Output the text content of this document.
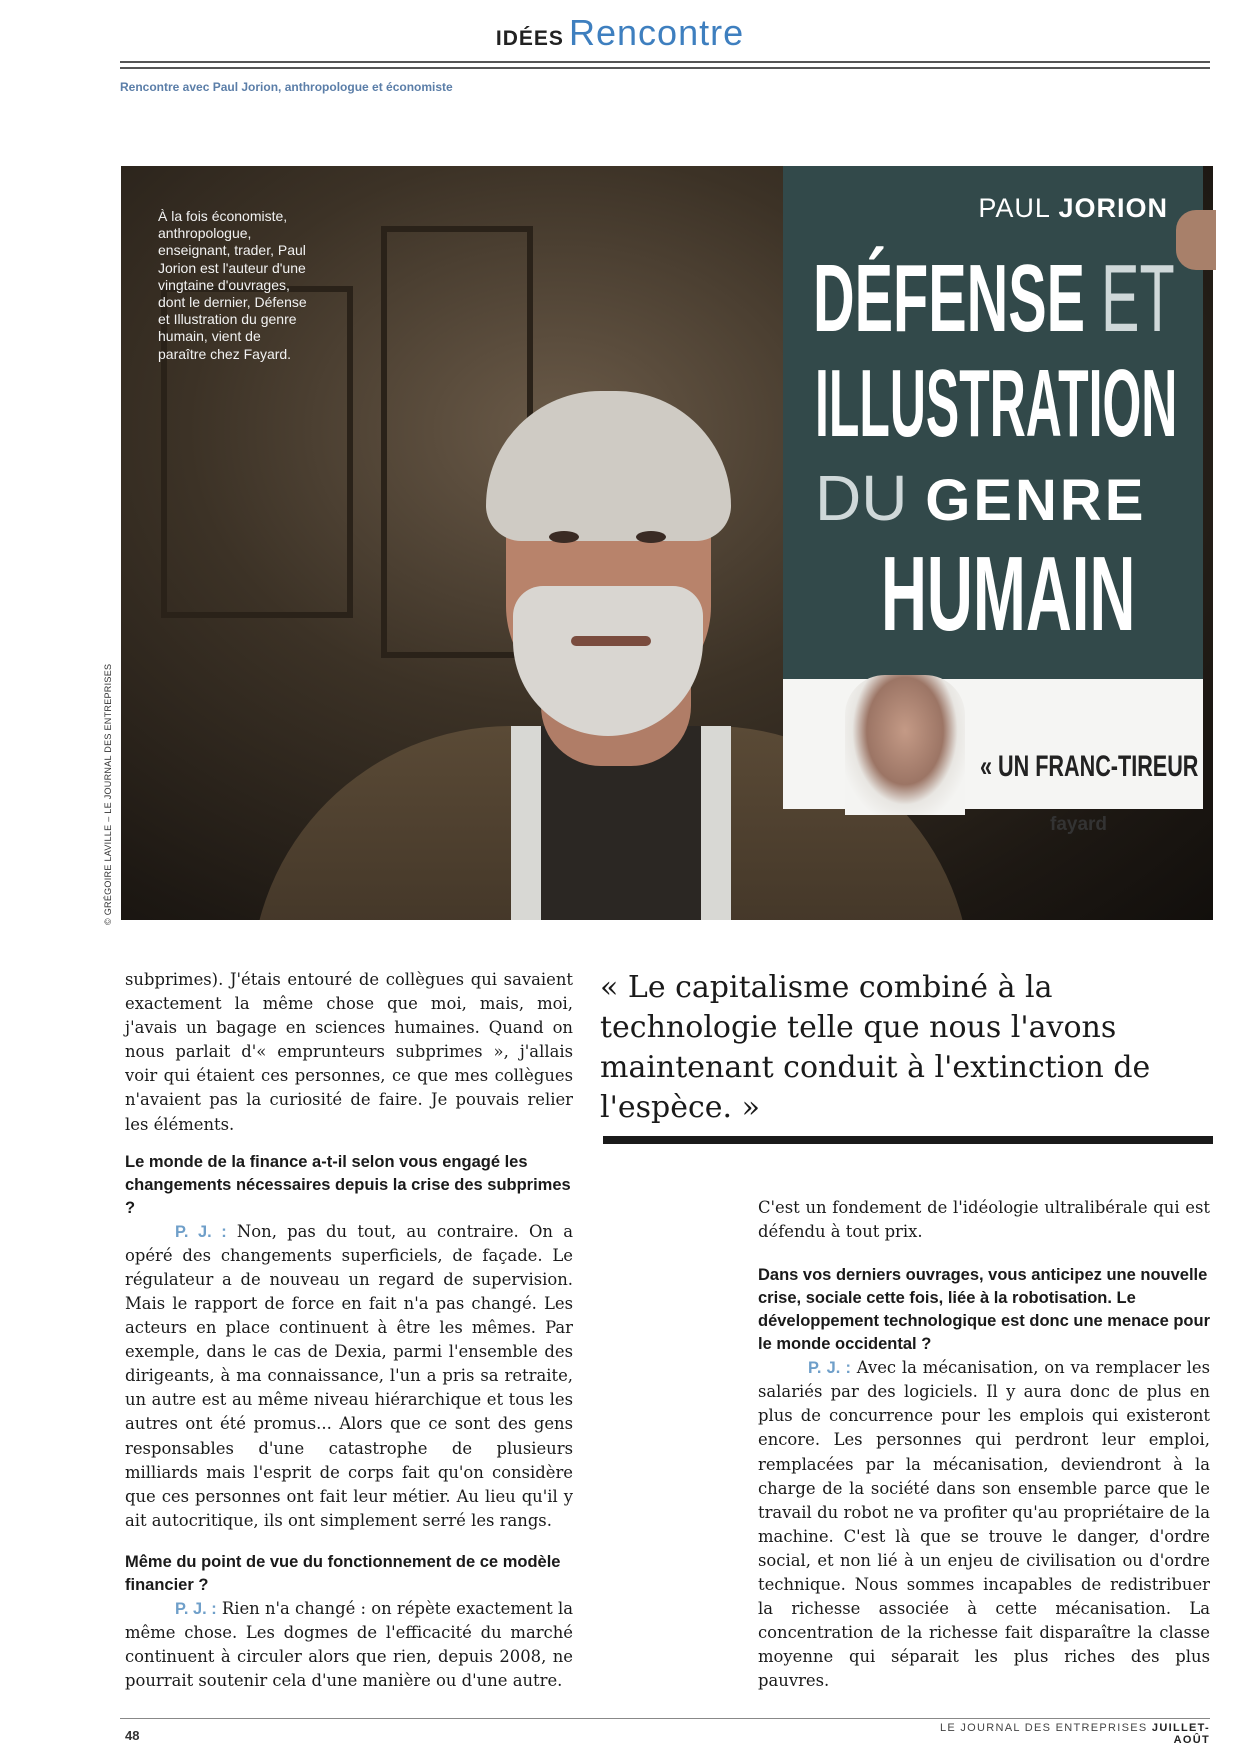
IDÉES Rencontre
Rencontre avec Paul Jorion, anthropologue et économiste
À la fois économiste, anthropologue, enseignant, trader, Paul Jorion est l'auteur d'une vingtaine d'ouvrages, dont le dernier, Défense et Illustration du genre humain, vient de paraître chez Fayard.
PAUL JORION
DÉFENSE ET
ILLUSTRATION
DU GENRE
HUMAIN
« UN FRANC-TIREUR
fayard
© GRÉGOIRE LAVILLE – LE JOURNAL DES ENTREPRISES

subprimes). J'étais entouré de collègues qui savaient exactement la même chose que moi, mais, moi, j'avais un bagage en sciences humaines. Quand on nous parlait d'« emprunteurs subprimes », j'allais voir qui étaient ces personnes, ce que mes collègues n'avaient pas la curiosité de faire. Je pouvais relier les éléments.

Le monde de la finance a-t-il selon vous engagé les changements nécessaires depuis la crise des subprimes ?

P. J. : Non, pas du tout, au contraire. On a opéré des changements superficiels, de façade. Le régulateur a de nouveau un regard de supervision. Mais le rapport de force en fait n'a pas changé. Les acteurs en place continuent à être les mêmes. Par exemple, dans le cas de Dexia, parmi l'ensemble des dirigeants, à ma connaissance, l'un a pris sa retraite, un autre est au même niveau hiérarchique et tous les autres ont été promus... Alors que ce sont des gens responsables d'une catastrophe de plusieurs milliards mais l'esprit de corps fait qu'on considère que ces personnes ont fait leur métier. Au lieu qu'il y ait autocritique, ils ont simplement serré les rangs.

Même du point de vue du fonctionnement de ce modèle financier ?

P. J. : Rien n'a changé : on répète exactement la même chose. Les dogmes de l'efficacité du marché continuent à circuler alors que rien, depuis 2008, ne pourrait soutenir cela d'une manière ou d'une autre.

« Le capitalisme combiné à la technologie telle que nous l'avons maintenant conduit à l'extinction de l'espèce. »

C'est un fondement de l'idéologie ultralibérale qui est défendu à tout prix.

Dans vos derniers ouvrages, vous anticipez une nouvelle crise, sociale cette fois, liée à la robotisation. Le développement technologique est donc une menace pour le monde occidental ?

P. J. : Avec la mécanisation, on va remplacer les salariés par des logiciels. Il y aura donc de plus en plus de concurrence pour les emplois qui existeront encore. Les personnes qui perdront leur emploi, remplacées par la mécanisation, deviendront à la charge de la société dans son ensemble parce que le travail du robot ne va profiter qu'au propriétaire de la machine. C'est là que se trouve le danger, d'ordre social, et non lié à un enjeu de civilisation ou d'ordre technique. Nous sommes incapables de redistribuer la richesse associée à cette mécanisation. La concentration de la richesse fait disparaître la classe moyenne qui séparait les plus riches des plus pauvres.

48	LE JOURNAL DES ENTREPRISES JUILLET-AOÛT
